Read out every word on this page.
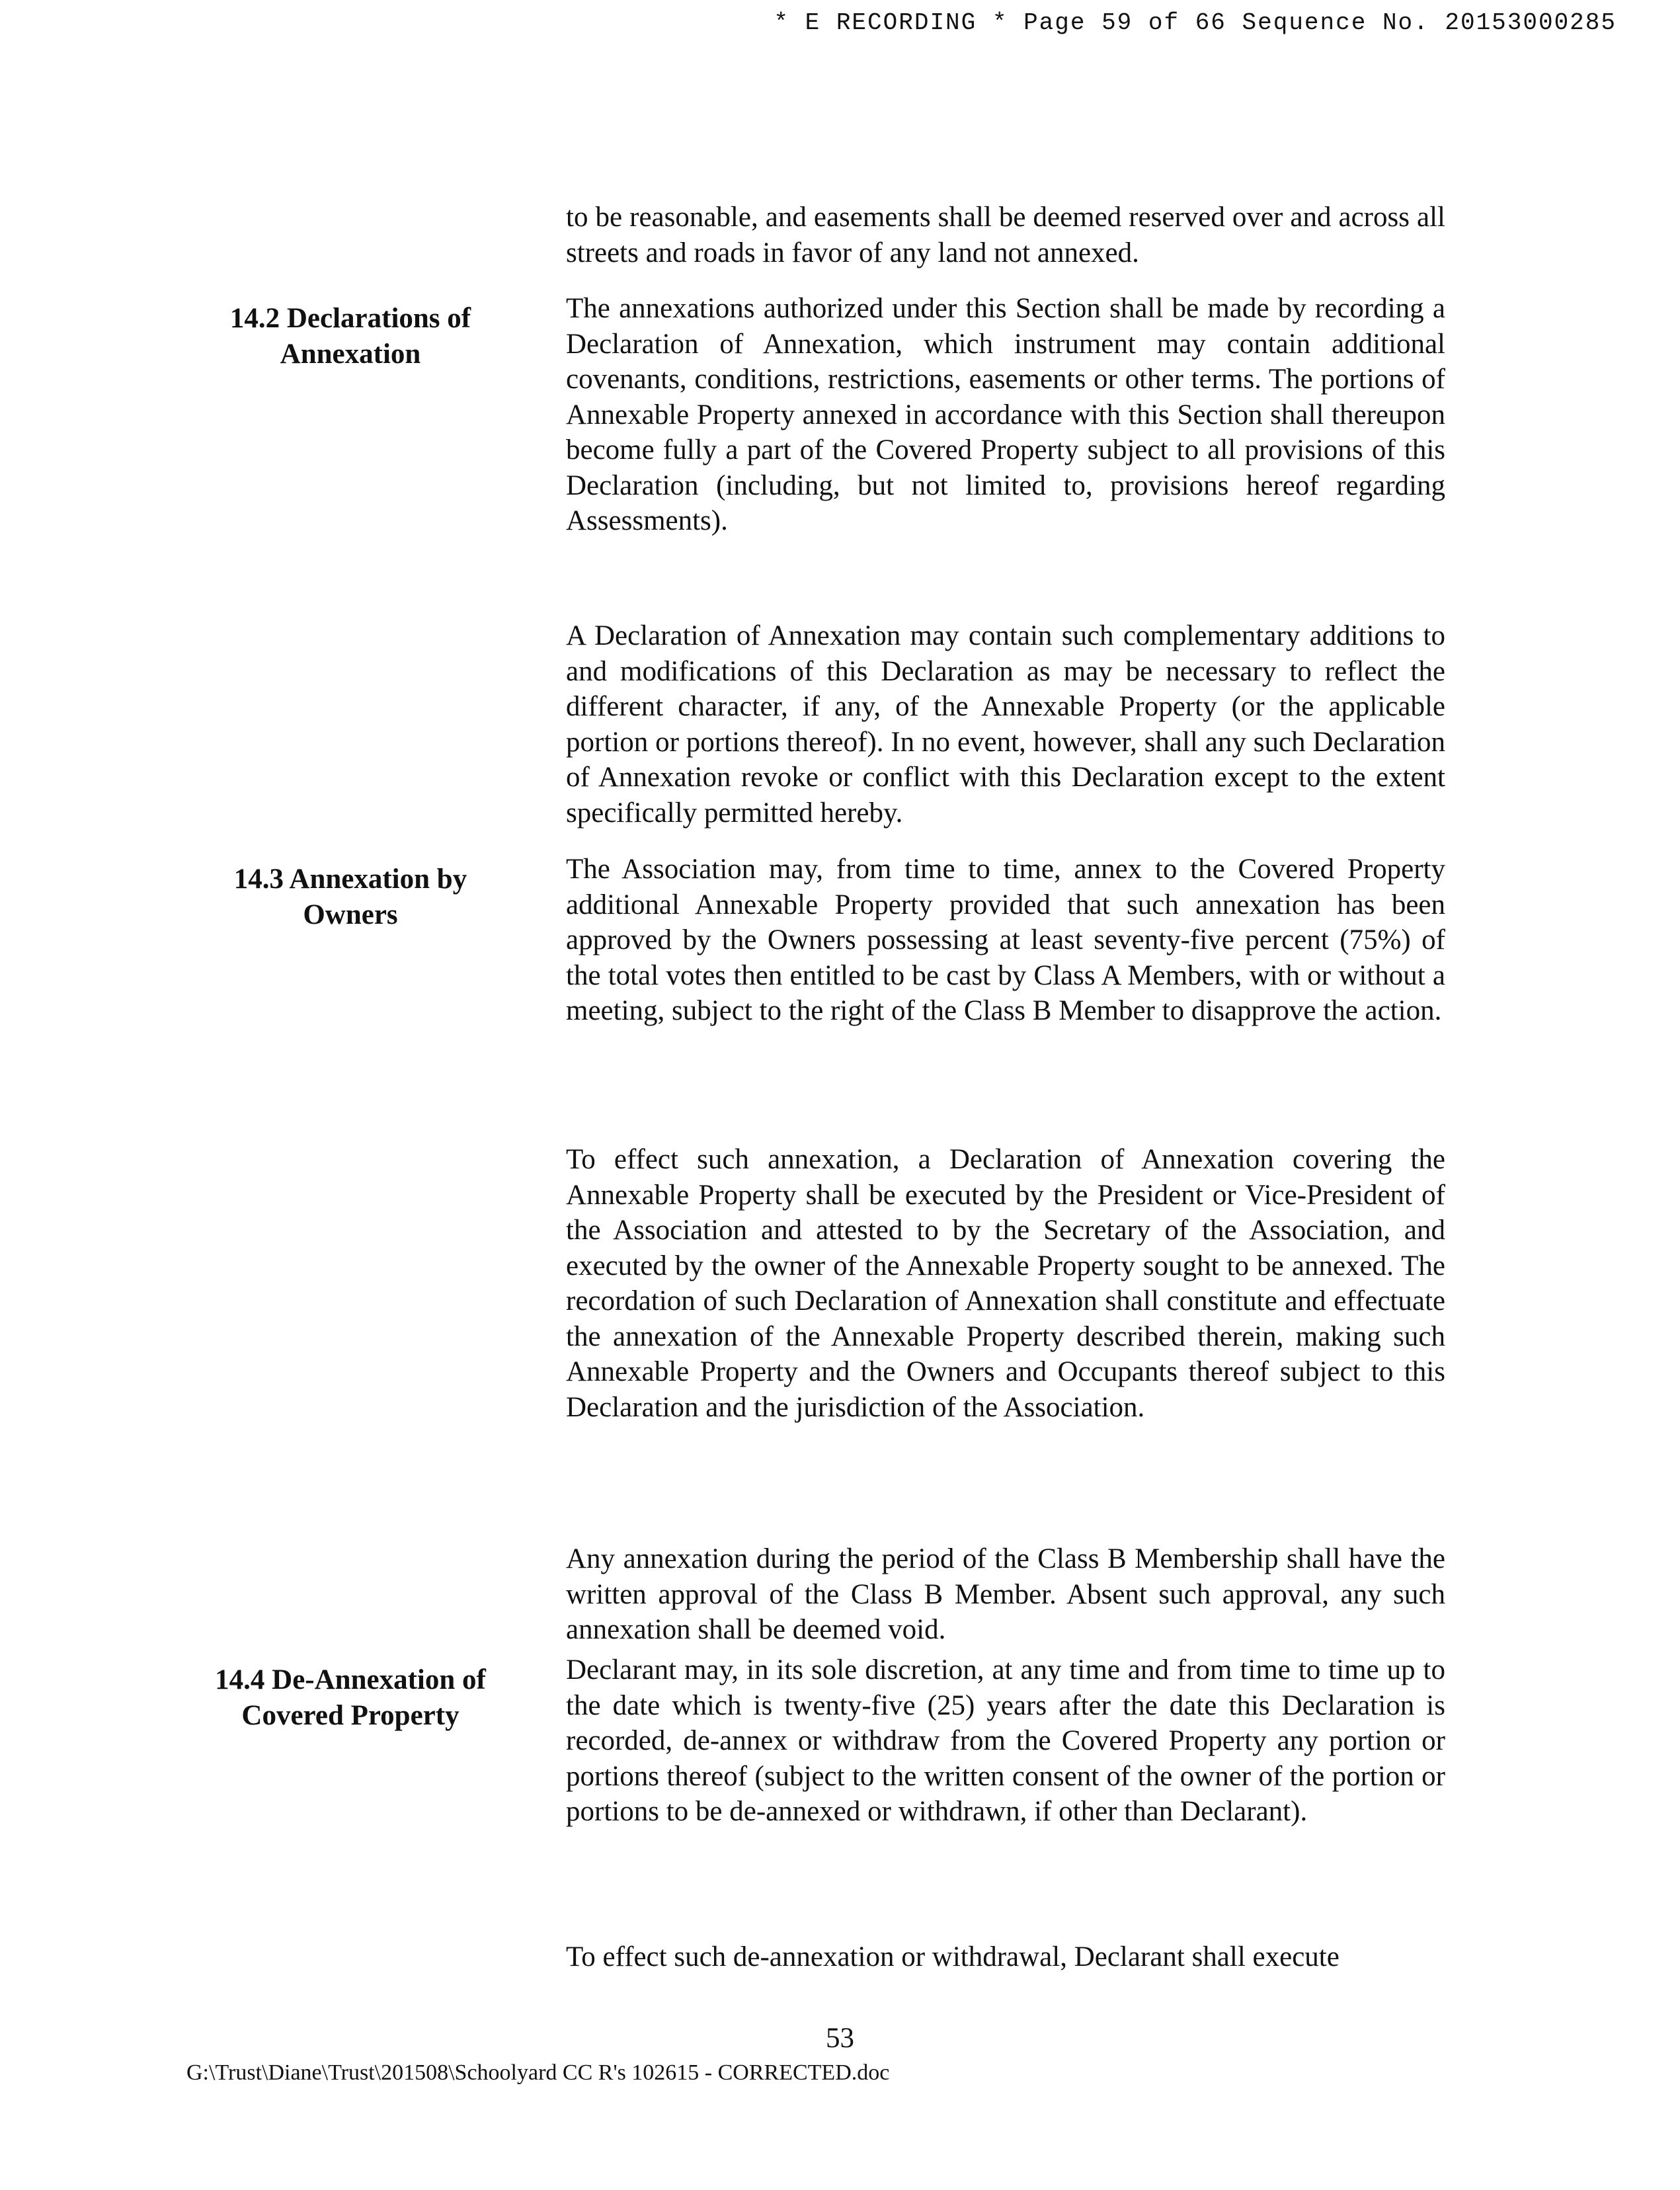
* E RECORDING * Page 59 of 66 Sequence No. 20153000285

to be reasonable, and easements shall be deemed reserved over and across all streets and roads in favor of any land not annexed.

14.2 Declarations of
Annexation

The annexations authorized under this Section shall be made by recording a Declaration of Annexation, which instrument may contain additional covenants, conditions, restrictions, easements or other terms. The portions of Annexable Property annexed in accordance with this Section shall thereupon become fully a part of the Covered Property subject to all provisions of this Declaration (including, but not limited to, provisions hereof regarding Assessments).

A Declaration of Annexation may contain such complementary additions to and modifications of this Declaration as may be necessary to reflect the different character, if any, of the Annexable Property (or the applicable portion or portions thereof). In no event, however, shall any such Declaration of Annexation revoke or conflict with this Declaration except to the extent specifically permitted hereby.

14.3 Annexation by
Owners

The Association may, from time to time, annex to the Covered Property additional Annexable Property provided that such annexation has been approved by the Owners possessing at least seventy-five percent (75%) of the total votes then entitled to be cast by Class A Members, with or without a meeting, subject to the right of the Class B Member to disapprove the action.

To effect such annexation, a Declaration of Annexation covering the Annexable Property shall be executed by the President or Vice-President of the Association and attested to by the Secretary of the Association, and executed by the owner of the Annexable Property sought to be annexed. The recordation of such Declaration of Annexation shall constitute and effectuate the annexation of the Annexable Property described therein, making such Annexable Property and the Owners and Occupants thereof subject to this Declaration and the jurisdiction of the Association.

Any annexation during the period of the Class B Membership shall have the written approval of the Class B Member. Absent such approval, any such annexation shall be deemed void.

14.4 De-Annexation of
Covered Property

Declarant may, in its sole discretion, at any time and from time to time up to the date which is twenty-five (25) years after the date this Declaration is recorded, de-annex or withdraw from the Covered Property any portion or portions thereof (subject to the written consent of the owner of the portion or portions to be de-annexed or withdrawn, if other than Declarant).

To effect such de-annexation or withdrawal, Declarant shall execute

53
G:\Trust\Diane\Trust\201508\Schoolyard CC R's 102615 - CORRECTED.doc
